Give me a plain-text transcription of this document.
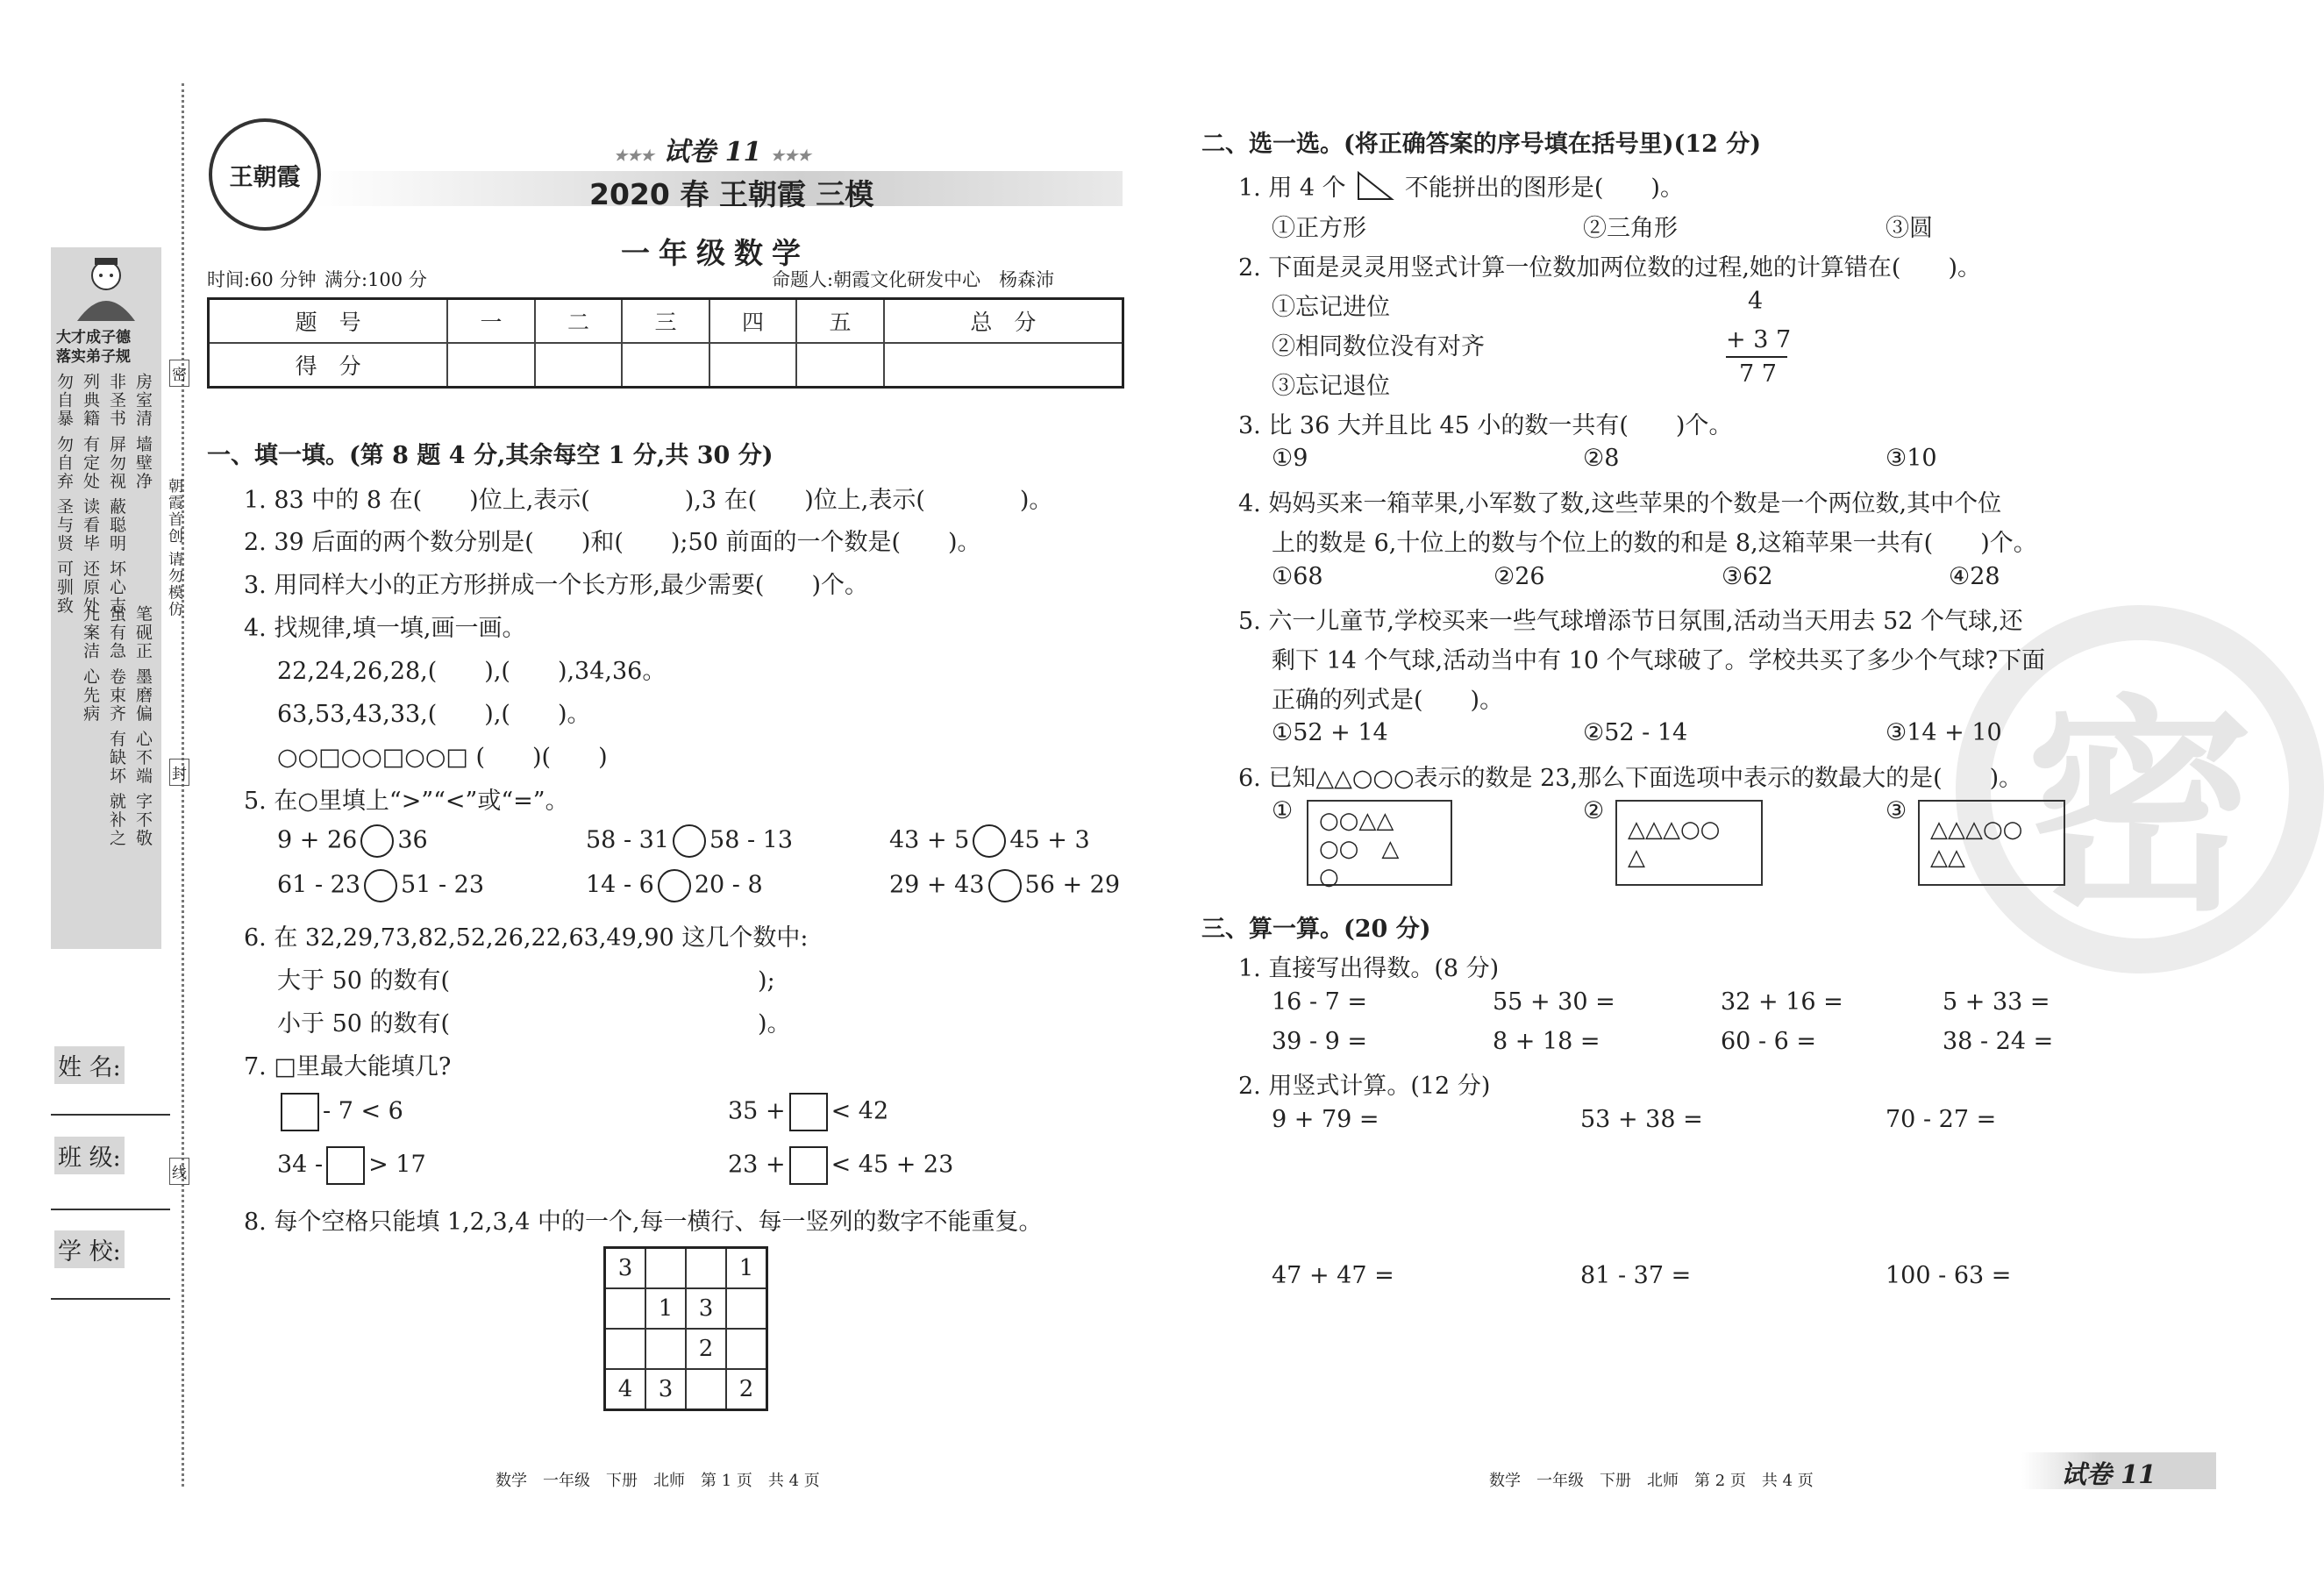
大才成子德
落实弟子规
房室清 墙壁净
非圣书 屏勿视 蔽聪明 坏心志
列典籍 有定处 读看毕 还原处
勿自暴 勿自弃 圣与贤 可驯致
笔砚正 墨磨偏 心不端 字不敬
虽有急 卷束齐 有缺坏 就补之
儿案洁 心先病
朝霞首创 请勿模仿
密
封
线
姓 名:
班 级:
学 校:
王朝霞
★★★ 试卷 11 ★★★
2020 春 王朝霞 三模
一年级数学
时间:60 分钟 满分:100 分	命题人:朝霞文化研发中心　杨森沛
题　号	一	二	三	四	五	总　分
得　分						
一、填一填。(第 8 题 4 分,其余每空 1 分,共 30 分)
1. 83 中的 8 在(　　)位上,表示(　　　　),3 在(　　)位上,表示(　　　　)。
2. 39 后面的两个数分别是(　　)和(　　);50 前面的一个数是(　　)。
3. 用同样大小的正方形拼成一个长方形,最少需要(　　)个。
4. 找规律,填一填,画一画。
22,24,26,28,(　　),(　　),34,36。
63,53,43,33,(　　),(　　)。
○○□○○□○○□ (　　)(　　)
5. 在○里填上“>”“<”或“=”。
9 + 26 36	58 - 31 58 - 13	43 + 5 45 + 3
61 - 23 51 - 23	14 - 6 20 - 8	29 + 43 56 + 29
6. 在 32,29,73,82,52,26,22,63,49,90 这几个数中:
大于 50 的数有(　　　　　　　　　　　　　);
小于 50 的数有(　　　　　　　　　　　　　)。
7. □里最大能填几?
- 7 < 6	35 + < 42
34 - > 17	23 + < 45 + 23
8. 每个空格只能填 1,2,3,4 中的一个,每一横行、每一竖列的数字不能重复。
3			1
	1	3	
		2	
4	3		2
数学　一年级　下册　北师　第 1 页　共 4 页
密
二、选一选。(将正确答案的序号填在括号里)(12 分)
1. 用 4 个 不能拼出的图形是(　　)。
①正方形	②三角形	③圆
2. 下面是灵灵用竖式计算一位数加两位数的过程,她的计算错在(　　)。
①忘记进位
②相同数位没有对齐
③忘记退位
4
+ 3 7
7 7
3. 比 36 大并且比 45 小的数一共有(　　)个。
①9	②8	③10
4. 妈妈买来一箱苹果,小军数了数,这些苹果的个数是一个两位数,其中个位
上的数是 6,十位上的数与个位上的数的和是 8,这箱苹果一共有(　　)个。
①68	②26	③62	④28
5. 六一儿童节,学校买来一些气球增添节日氛围,活动当天用去 52 个气球,还
剩下 14 个气球,活动当中有 10 个气球破了。学校共买了多少个气球?下面
正确的列式是(　　)。
①52 + 14	②52 - 14	③14 + 10
6. 已知△△○○○表示的数是 23,那么下面选项中表示的数最大的是(　　)。
① ○○△△
○○　△
○
②
△△△○○
△
③
△△△○○
△△
三、算一算。(20 分)
1. 直接写出得数。(8 分)
16 - 7 =	55 + 30 =	32 + 16 =	5 + 33 =
39 - 9 =	8 + 18 =	60 - 6 =	38 - 24 =
2. 用竖式计算。(12 分)
9 + 79 =	53 + 38 =	70 - 27 =
47 + 47 =	81 - 37 =	100 - 63 =
数学　一年级　下册　北师　第 2 页　共 4 页	试卷 11
